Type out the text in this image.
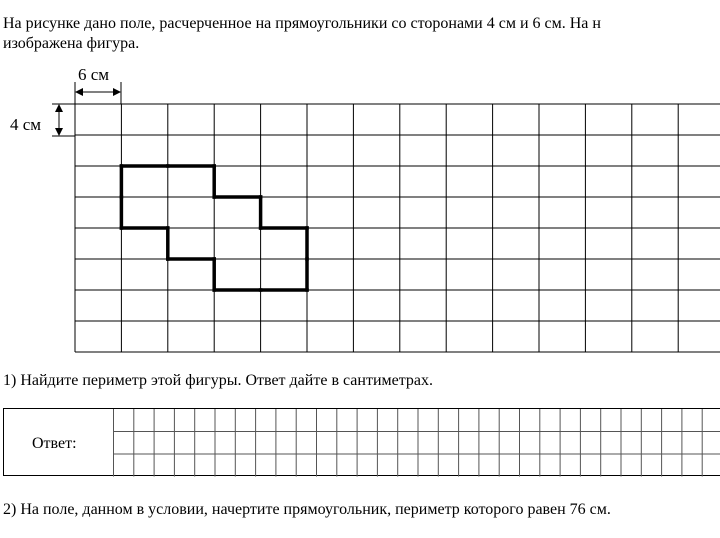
На рисунке дано поле, расчерченное на прямоугольники со сторонами 4 см и 6 см. На н
изображена фигура.
6 см
4 см
1) Найдите периметр этой фигуры. Ответ дайте в сантиметрах.
Ответ:
2) На поле, данном в условии, начертите прямоугольник, периметр которого равен 76 см.
